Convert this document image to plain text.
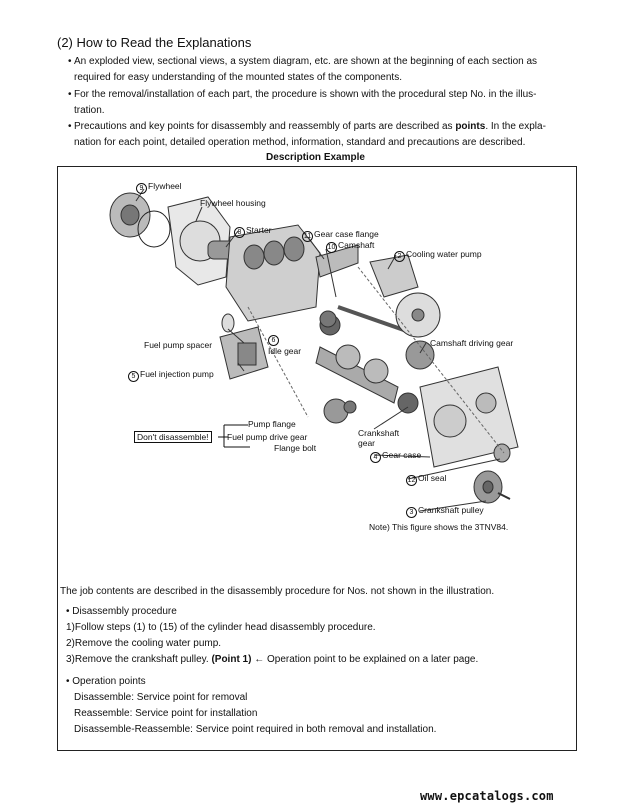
(2) How to Read the Explanations
• An exploded view, sectional views, a system diagram, etc. are shown at the beginning of each section as
required for easy understanding of the mounted states of the components.
• For the removal/installation of each part, the procedure is shown with the procedural step No. in the illus-
tration.
• Precautions and key points for disassembly and reassembly of parts are described as points. In the expla-
nation for each point, detailed operation method, information, standard and precautions are described.
Description Example
9 Flywheel
Flywheel housing
8 Starter
11 Gear case flange
10 Camshaft
2 Cooling water pump
Fuel pump spacer	6
Idle gear
Camshaft driving gear
5 Fuel injection pump
Pump flange
Don't disassemble!	Fuel pump drive gear
Flange bolt
Crankshaft
gear
4 Gear case
12 Oil seal
3 Crankshaft pulley
Note) This figure shows the 3TNV84.
The job contents are described in the disassembly procedure for Nos. not shown in the illustration.
• Disassembly procedure
1)Follow steps (1) to (15) of the cylinder head disassembly procedure.
2)Remove the cooling water pump.
3)Remove the crankshaft pulley. (Point 1) ← Operation point to be explained on a later page.
• Operation points
Disassemble: Service point for removal
Reassemble: Service point for installation
Disassemble-Reassemble: Service point required in both removal and installation.
www.epcatalogs.com
